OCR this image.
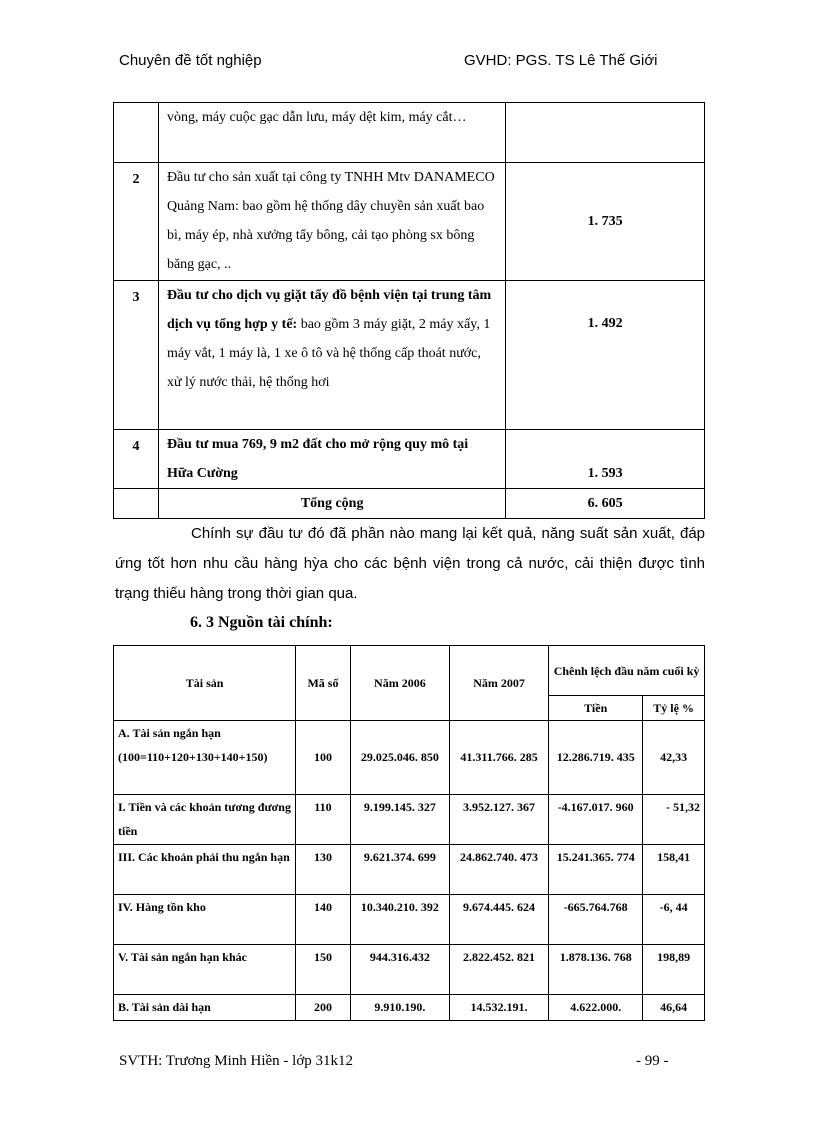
Chuyên đề tốt nghiệp	GVHD: PGS. TS Lê Thế Giới
	vòng, máy cuộc gạc dẫn lưu, máy dệt kim, máy cắt…	
2	Đầu tư cho sản xuất tại công ty TNHH Mtv DANAMECO Quảng Nam: bao gồm hệ thống dây chuyền sản xuất bao bì, máy ép, nhà xưởng tẩy bông, cải tạo phòng sx bông băng gạc, ..	1. 735
3	Đầu tư cho dịch vụ giặt tẩy đồ bệnh viện tại trung tâm dịch vụ tổng hợp y tế: bao gồm 3 máy giặt, 2 máy xấy, 1 máy vắt, 1 máy là, 1 xe ô tô và hệ thống cấp thoát nước, xử lý nước thải, hệ thống hơi	1. 492
4	Đầu tư mua 769, 9 m2 đất cho mở rộng quy mô tại Hữa Cường	1. 593
	Tổng cộng	6. 605
Chính sự đầu tư đó đã phần nào mang lại kết quả, năng suất sản xuất, đáp ứng tốt hơn nhu cầu hàng hỳa cho các bệnh viện trong cả nước, cải thiện được tình trạng thiếu hàng trong thời gian qua.
6. 3 Nguồn tài chính:
Tài sản	Mã số	Năm 2006	Năm 2007	Chênh lệch đầu năm cuối kỳ	
				Tiền	Tỷ lệ %
A. Tài sản ngắn hạn (100=110+120+130+140+150)	100	29.025.046. 850	41.311.766. 285	12.286.719. 435	42,33
I. Tiền và các khoản tương đương tiền	110	9.199.145. 327	3.952.127. 367	-4.167.017. 960	- 51,32
III. Các khoản phải thu ngắn hạn	130	9.621.374. 699	24.862.740. 473	15.241.365. 774	158,41
IV. Hàng tồn kho	140	10.340.210. 392	9.674.445. 624	-665.764.768	-6, 44
V. Tài sản ngắn hạn khác	150	944.316.432	2.822.452. 821	1.878.136. 768	198,89
B. Tài sản dài hạn	200	9.910.190.	14.532.191.	4.622.000.	46,64
SVTH: Trương Minh Hiền - lớp 31k12	- 99 -
